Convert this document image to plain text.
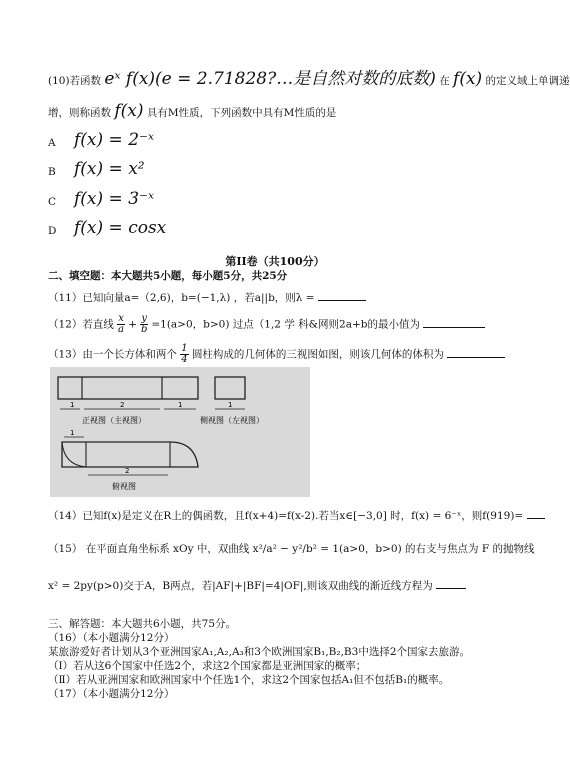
(10)若函数 eˣ f(x)(e = 2.71828?…是自然对数的底数) 在 f(x) 的定义域上单调递
增，则称函数 f(x) 具有M性质，下列函数中具有M性质的是
A f(x) = 2⁻ˣ
B f(x) = x²
C f(x) = 3⁻ˣ
D f(x) = cosx
第II卷（共100分）
二、填空题：本大题共5小题，每小题5分，共25分
（11）已知向量a=（2,6)，b=(−1,λ) ，若a||b，则λ =
（12）若直线 $\frac{x}{a} + \frac{y}{b} =1(a>0$，b>0) 过点（1,2 学 科&网则2a+b的最小值为
（13）由一个长方体和两个 $\frac{1}{4}$ 圆柱构成的几何体的三视图如图，则该几何体的体积为
1	2	1
正视图（主视图）
1
侧视图（左视图）
1
2
俯视图
（14）已知f(x)是定义在R上的偶函数，且f(x+4)=f(x-2).若当x∈[−3,0] 时，f(x) = 6⁻ˣ，则f(919)=
（15） 在平面直角坐标系 xOy 中，双曲线 x²/a² − y²/b² = 1(a>0，b>0) 的右支与焦点为 F 的抛物线
x² = 2py(p>0)交于A，B两点，若|AF|+|BF|=4|OF|,则该双曲线的渐近线方程为
三、解答题：本大题共6小题，共75分。
（16）（本小题满分12分）
某旅游爱好者计划从3个亚洲国家A₁,A₂,A₃和3个欧洲国家B₁,B₂,B3中选择2个国家去旅游。
（Ⅰ）若从这6个国家中任选2个，求这2个国家都是亚洲国家的概率；
（Ⅱ）若从亚洲国家和欧洲国家中个任选1个，求这2个国家包括A₁但不包括B₁的概率。
（17）（本小题满分12分）
